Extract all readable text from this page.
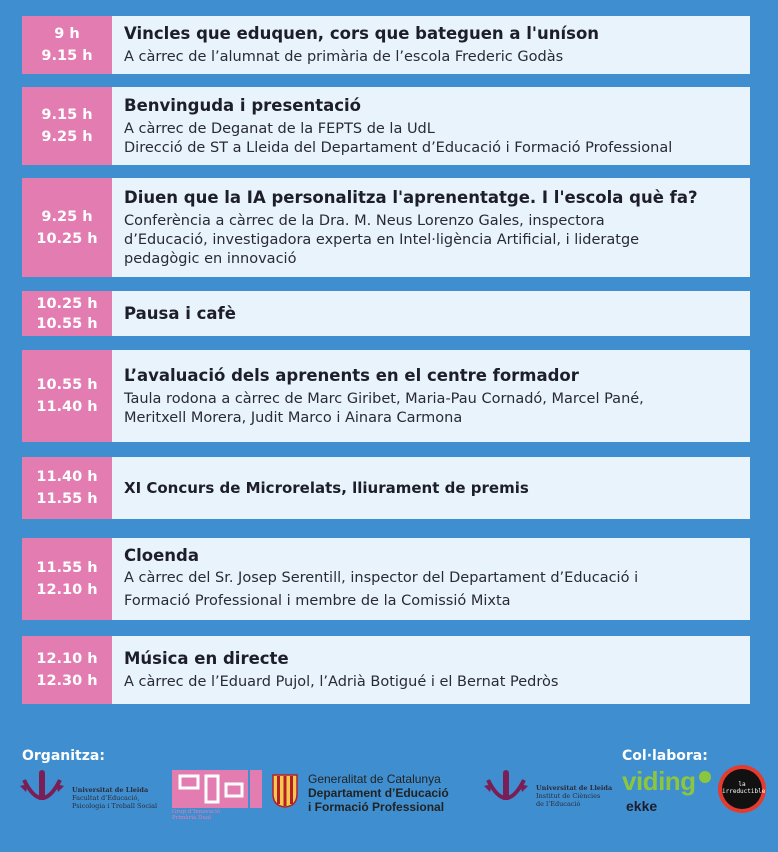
9 h
9.15 h
Vincles que eduquen, cors que bateguen a l'uníson
A càrrec de l’alumnat de primària de l’escola Frederic Godàs
9.15 h
9.25 h
Benvinguda i presentació
A càrrec de Deganat de la FEPTS de la UdL
Direcció de ST a Lleida del Departament d’Educació i Formació Professional
9.25 h
10.25 h
Diuen que la IA personalitza l'aprenentatge. I l'escola què fa?
Conferència a càrrec de la Dra. M. Neus Lorenzo Gales, inspectora
d’Educació, investigadora experta en Intel·ligència Artificial, i lideratge
pedagògic en innovació
10.25 h
10.55 h
Pausa i cafè
10.55 h
11.40 h
L’avaluació dels aprenents en el centre formador
Taula rodona a càrrec de Marc Giribet, Maria-Pau Cornadó, Marcel Pané,
Meritxell Morera, Judit Marco i Ainara Carmona
11.40 h
11.55 h
XI Concurs de Microrelats, lliurament de premis
11.55 h
12.10 h
Cloenda
A càrrec del Sr. Josep Serentill, inspector del Departament d’Educació i
Formació Professional i membre de la Comissió Mixta
12.10 h
12.30 h
Música en directe
A càrrec de l’Eduard Pujol, l’Adrià Botigué i el Bernat Pedròs
Organitza:	Col·labora:
Universitat de Lleida
Facultat d’Educació,
Psicologia i Treball Social
Grup d’Innovació
Primària Dual
Generalitat de Catalunya
Departament d’Educació
i Formació Professional
Universitat de Lleida
Institut de Ciències
de l’Educació
viding
ekke
la
irreductible
